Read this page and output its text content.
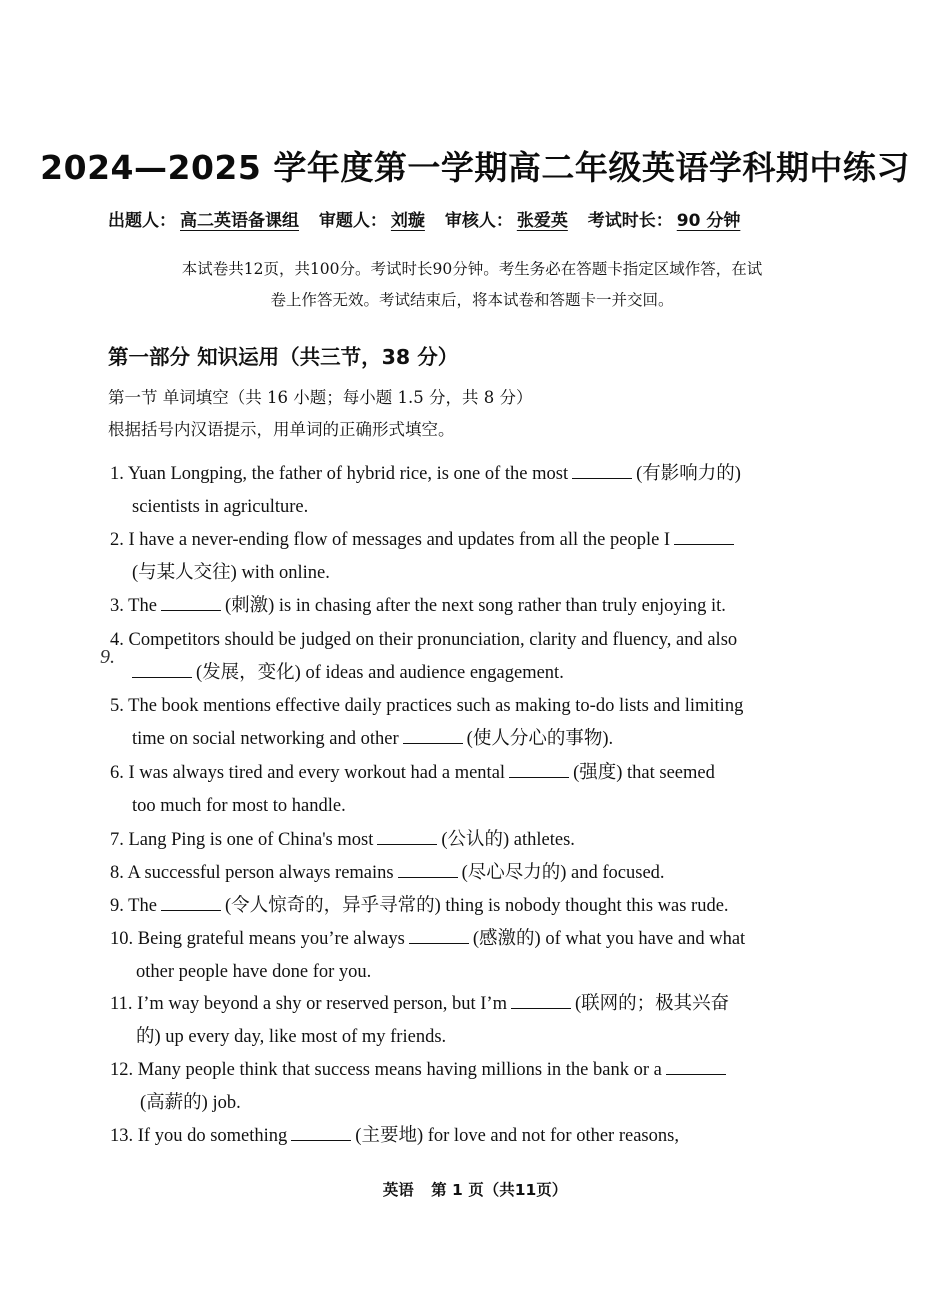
2024—2025 学年度第一学期高二年级英语学科期中练习
出题人： 高二英语备课组 审题人： 刘璇 审核人： 张爱英 考试时长： 90 分钟
本试卷共12页，共100分。考试时长90分钟。考生务必在答题卡指定区域作答，在试
卷上作答无效。考试结束后，将本试卷和答题卡一并交回。
第一部分 知识运用（共三节，38 分）
第一节 单词填空（共 16 小题；每小题 1.5 分，共 8 分）
根据括号内汉语提示，用单词的正确形式填空。
1. Yuan Longping, the father of hybrid rice, is one of the most	(有影响力的)
scientists in agriculture.
2. I have a never-ending flow of messages and updates from all the people I
(与某人交往) with online.
3. The	(刺激) is in chasing after the next song rather than truly enjoying it.
4. Competitors should be judged on their pronunciation, clarity and fluency, and also
(发展，变化) of ideas and audience engagement.
5. The book mentions effective daily practices such as making to-do lists and limiting
time on social networking and other	(使人分心的事物).
6. I was always tired and every workout had a mental	(强度) that seemed
too much for most to handle.
7. Lang Ping is one of China's most	(公认的) athletes.
8. A successful person always remains	(尽心尽力的) and focused.
9. The	(令人惊奇的，异乎寻常的) thing is nobody thought this was rude.
10. Being grateful means you’re always	(感激的) of what you have and what
other people have done for you.
11. I’m way beyond a shy or reserved person, but I’m	(联网的；极其兴奋
的) up every day, like most of my friends.
12. Many people think that success means having millions in the bank or a
(高薪的) job.
13. If you do something	(主要地) for love and not for other reasons,
9.
英语 第 1 页（共11页）
